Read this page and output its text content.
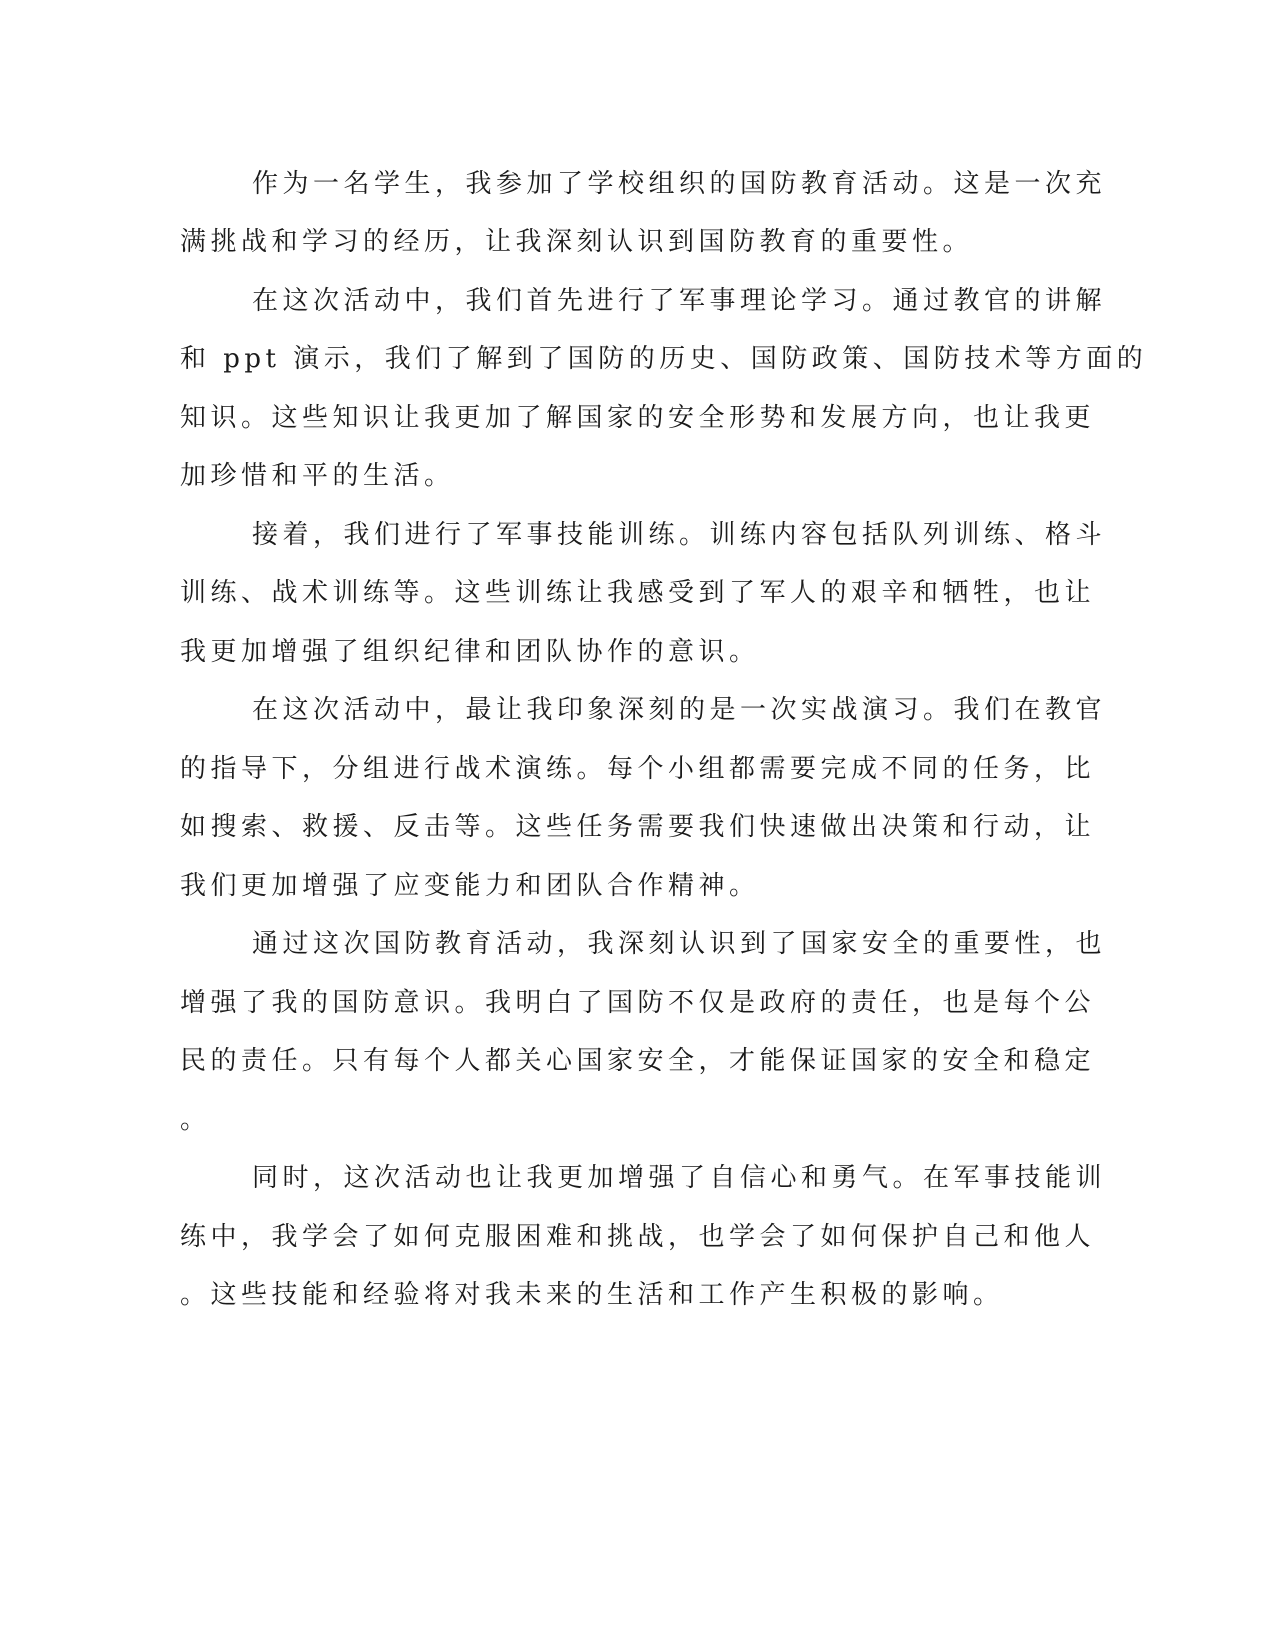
作为一名学生，我参加了学校组织的国防教育活动。这是一次充

满挑战和学习的经历，让我深刻认识到国防教育的重要性。

在这次活动中，我们首先进行了军事理论学习。通过教官的讲解

和 ppt 演示，我们了解到了国防的历史、国防政策、国防技术等方面的

知识。这些知识让我更加了解国家的安全形势和发展方向，也让我更

加珍惜和平的生活。

接着，我们进行了军事技能训练。训练内容包括队列训练、格斗

训练、战术训练等。这些训练让我感受到了军人的艰辛和牺牲，也让

我更加增强了组织纪律和团队协作的意识。

在这次活动中，最让我印象深刻的是一次实战演习。我们在教官

的指导下，分组进行战术演练。每个小组都需要完成不同的任务，比

如搜索、救援、反击等。这些任务需要我们快速做出决策和行动，让

我们更加增强了应变能力和团队合作精神。

通过这次国防教育活动，我深刻认识到了国家安全的重要性，也

增强了我的国防意识。我明白了国防不仅是政府的责任，也是每个公

民的责任。只有每个人都关心国家安全，才能保证国家的安全和稳定

。

同时，这次活动也让我更加增强了自信心和勇气。在军事技能训

练中，我学会了如何克服困难和挑战，也学会了如何保护自己和他人

。这些技能和经验将对我未来的生活和工作产生积极的影响。
